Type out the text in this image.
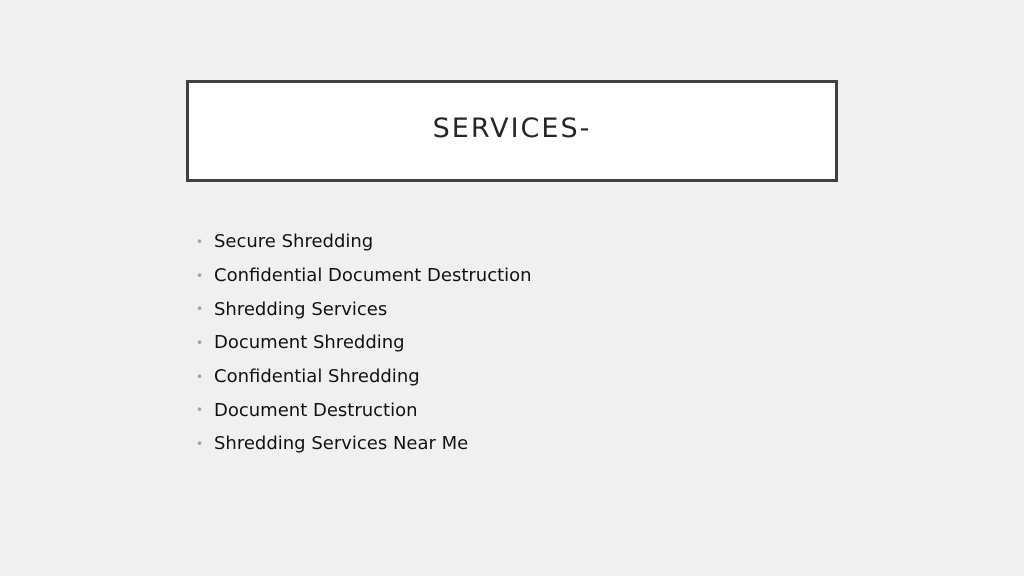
SERVICES-
• Secure Shredding
• Confidential Document Destruction
• Shredding Services
• Document Shredding
• Confidential Shredding
• Document Destruction
• Shredding Services Near Me
